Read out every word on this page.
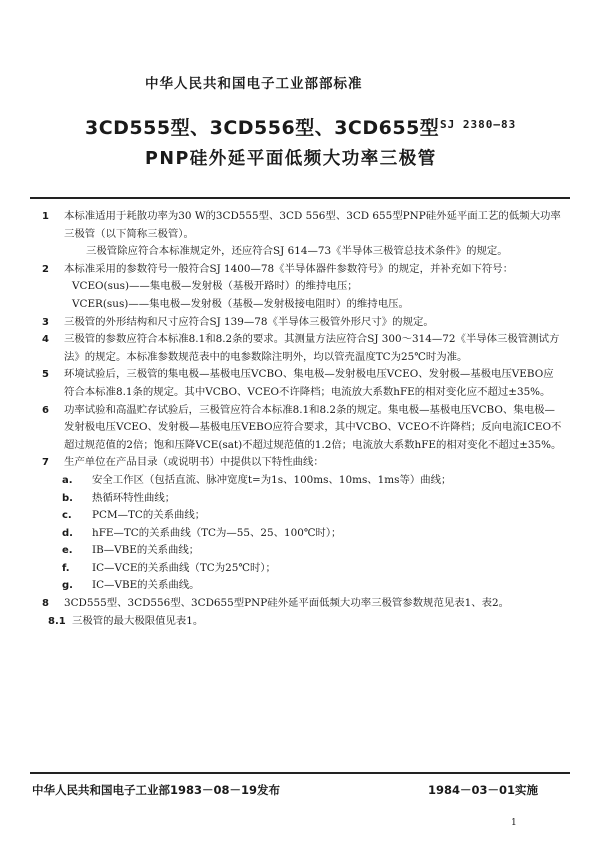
中华人民共和国电子工业部部标准
3CD555型、3CD556型、3CD655型
PNP硅外延平面低频大功率三极管
SJ 2380—83
1 本标准适用于耗散功率为30 W的3CD555型、3CD 556型、3CD 655型PNP硅外延平面工艺的低频大功率三极管（以下简称三极管）。
三极管除应符合本标准规定外，还应符合SJ 614—73《半导体三极管总技术条件》的规定。
2 本标准采用的参数符号一般符合SJ 1400—78《半导体器件参数符号》的规定，并补充如下符号：
VCEO(sus)——集电极—发射极（基极开路时）的维持电压；
VCER(sus)——集电极—发射极（基极—发射极接电阻时）的维持电压。
3 三极管的外形结构和尺寸应符合SJ 139—78《半导体三极管外形尺寸》的规定。
4 三极管的参数应符合本标准8.1和8.2条的要求。其测量方法应符合SJ 300～314—72《半导体三极管测试方法》的规定。本标准参数规范表中的电参数除注明外，均以管壳温度TC为25℃时为准。
5 环境试验后，三极管的集电极—基极电压VCBO、集电极—发射极电压VCEO、发射极—基极电压VEBO应符合本标准8.1条的规定。其中VCBO、VCEO不许降档；电流放大系数hFE的相对变化应不超过±35%。
6 功率试验和高温贮存试验后，三极管应符合本标准8.1和8.2条的规定。集电极—基极电压VCBO、集电极—发射极电压VCEO、发射极—基极电压VEBO应符合要求，其中VCBO、VCEO不许降档；反向电流ICEO不超过规范值的2倍；饱和压降VCE(sat)不超过规范值的1.2倍；电流放大系数hFE的相对变化不超过±35%。
7 生产单位在产品目录（或说明书）中提供以下特性曲线：
a. 安全工作区（包括直流、脉冲宽度t=为1s、100ms、10ms、1ms等）曲线；
b. 热循环特性曲线；
c. PCM—TC的关系曲线；
d. hFE—TC的关系曲线（TC为—55、25、100℃时）；
e. IB—VBE的关系曲线；
f. IC—VCE的关系曲线（TC为25℃时）；
g. IC—VBE的关系曲线。
8 3CD555型、3CD556型、3CD655型PNP硅外延平面低频大功率三极管参数规范见表1、表2。
8.1 三极管的最大极限值见表1。
中华人民共和国电子工业部1983－08－19发布	1984－03－01实施
1
